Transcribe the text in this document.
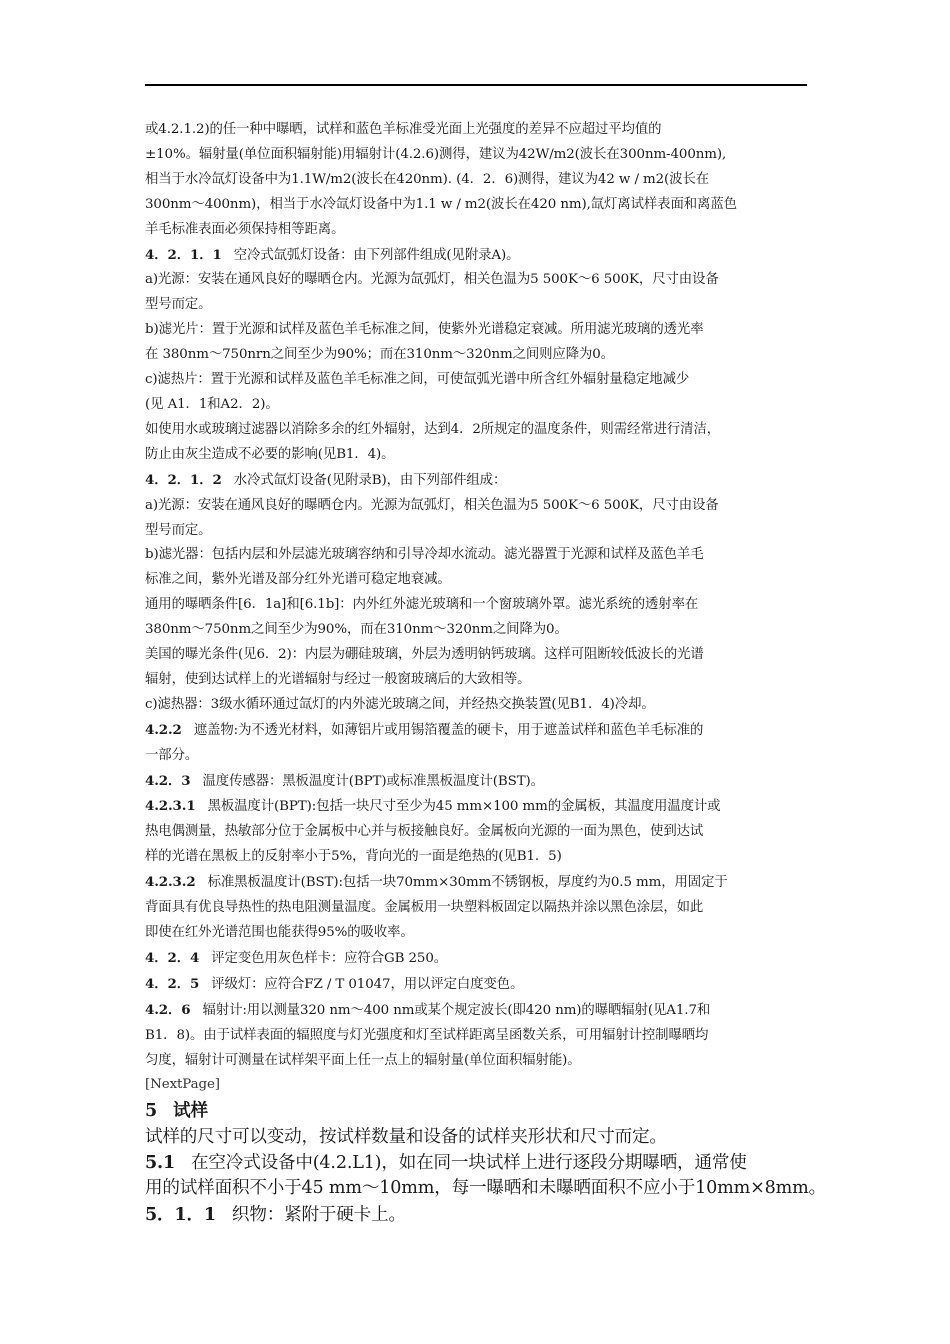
或4.2.1.2)的任一种中曝晒，试样和蓝色羊标准受光面上光强度的差异不应超过平均值的
±10%。辐射量(单位面积辐射能)用辐射计(4.2.6)测得，建议为42W/m2(波长在300nm-400nm),
相当于水冷氙灯设备中为1.1W/m2(波长在420nm). (4．2．6)测得，建议为42 w / m2(波长在
300nm～400nm)，相当于水冷氙灯设备中为1.1 w / m2(波长在420 nm),氙灯离试样表面和离蓝色
羊毛标准表面必须保持相等距离。
4．2．1．1 空冷式氙弧灯设备：由下列部件组成(见附录A)。
a)光源：安装在通风良好的曝晒仓内。光源为氙弧灯，相关色温为5 500K～6 500K，尺寸由设备
型号而定。
b)滤光片：置于光源和试样及蓝色羊毛标准之间，使紫外光谱稳定衰减。所用滤光玻璃的透光率
在 380nm～750nrn之间至少为90%；而在310nm～320nm之间则应降为0。
c)滤热片：置于光源和试样及蓝色羊毛标准之间，可使氙弧光谱中所含红外辐射量稳定地减少
(见 A1．1和A2．2)。
如使用水或玻璃过滤器以消除多余的红外辐射，达到4．2所规定的温度条件，则需经常进行清洁，
防止由灰尘造成不必要的影响(见B1．4)。
4．2．1．2 水冷式氙灯设备(见附录B)，由下列部件组成：
a)光源：安装在通风良好的曝晒仓内。光源为氙弧灯，相关色温为5 500K～6 500K，尺寸由设备
型号而定。
b)滤光器：包括内层和外层滤光玻璃容纳和引导冷却水流动。滤光器置于光源和试样及蓝色羊毛
标准之间，紫外光谱及部分红外光谱可稳定地衰减。
通用的曝晒条件[6．1a]和[6.1b]：内外红外滤光玻璃和一个窗玻璃外罩。滤光系统的透射率在
380nm～750nm之间至少为90%，而在310nm～320nm之间降为0。
美国的曝光条件(见6．2)：内层为硼硅玻璃，外层为透明钠钙玻璃。这样可阻断较低波长的光谱
辐射，使到达试样上的光谱辐射与经过一般窗玻璃后的大致相等。
c)滤热器：3级水循环通过氙灯的内外滤光玻璃之间，并经热交换装置(见B1．4)冷却。
4.2.2 遮盖物:为不透光材料，如薄铝片或用锡箔覆盖的硬卡，用于遮盖试样和蓝色羊毛标准的
一部分。
4.2．3 温度传感器：黑板温度计(BPT)或标准黑板温度计(BST)。
4.2.3.1 黑板温度计(BPT):包括一块尺寸至少为45 mm×100 mm的金属板，其温度用温度计或
热电偶测量，热敏部分位于金属板中心并与板接触良好。金属板向光源的一面为黑色，使到达试
样的光谱在黑板上的反射率小于5%，背向光的一面是绝热的(见B1．5)
4.2.3.2 标准黑板温度计(BST):包括一块70mm×30mm不锈钢板，厚度约为0.5 mm，用固定于
背面具有优良导热性的热电阻测量温度。金属板用一块塑料板固定以隔热并涂以黑色涂层，如此
即使在红外光谱范围也能获得95%的吸收率。
4．2．4 评定变色用灰色样卡：应符合GB 250。
4．2．5 评级灯：应符合FZ / T 01047，用以评定白度变色。
4.2．6 辐射计:用以测量320 nm～400 nm或某个规定波长(即420 nm)的曝晒辐射(见A1.7和
B1．8)。由于试样表面的辐照度与灯光强度和灯至试样距离呈函数关系，可用辐射计控制曝晒均
匀度，辐射计可测量在试样架平面上任一点上的辐射量(单位面积辐射能)。
[NextPage]
5 试样
试样的尺寸可以变动，按试样数量和设备的试样夹形状和尺寸而定。
5.1 在空冷式设备中(4.2.L1)，如在同一块试样上进行逐段分期曝晒，通常使
用的试样面积不小于45 mm～10mm，每一曝晒和未曝晒面积不应小于10mm×8mm。
5．1．1 织物：紧附于硬卡上。
